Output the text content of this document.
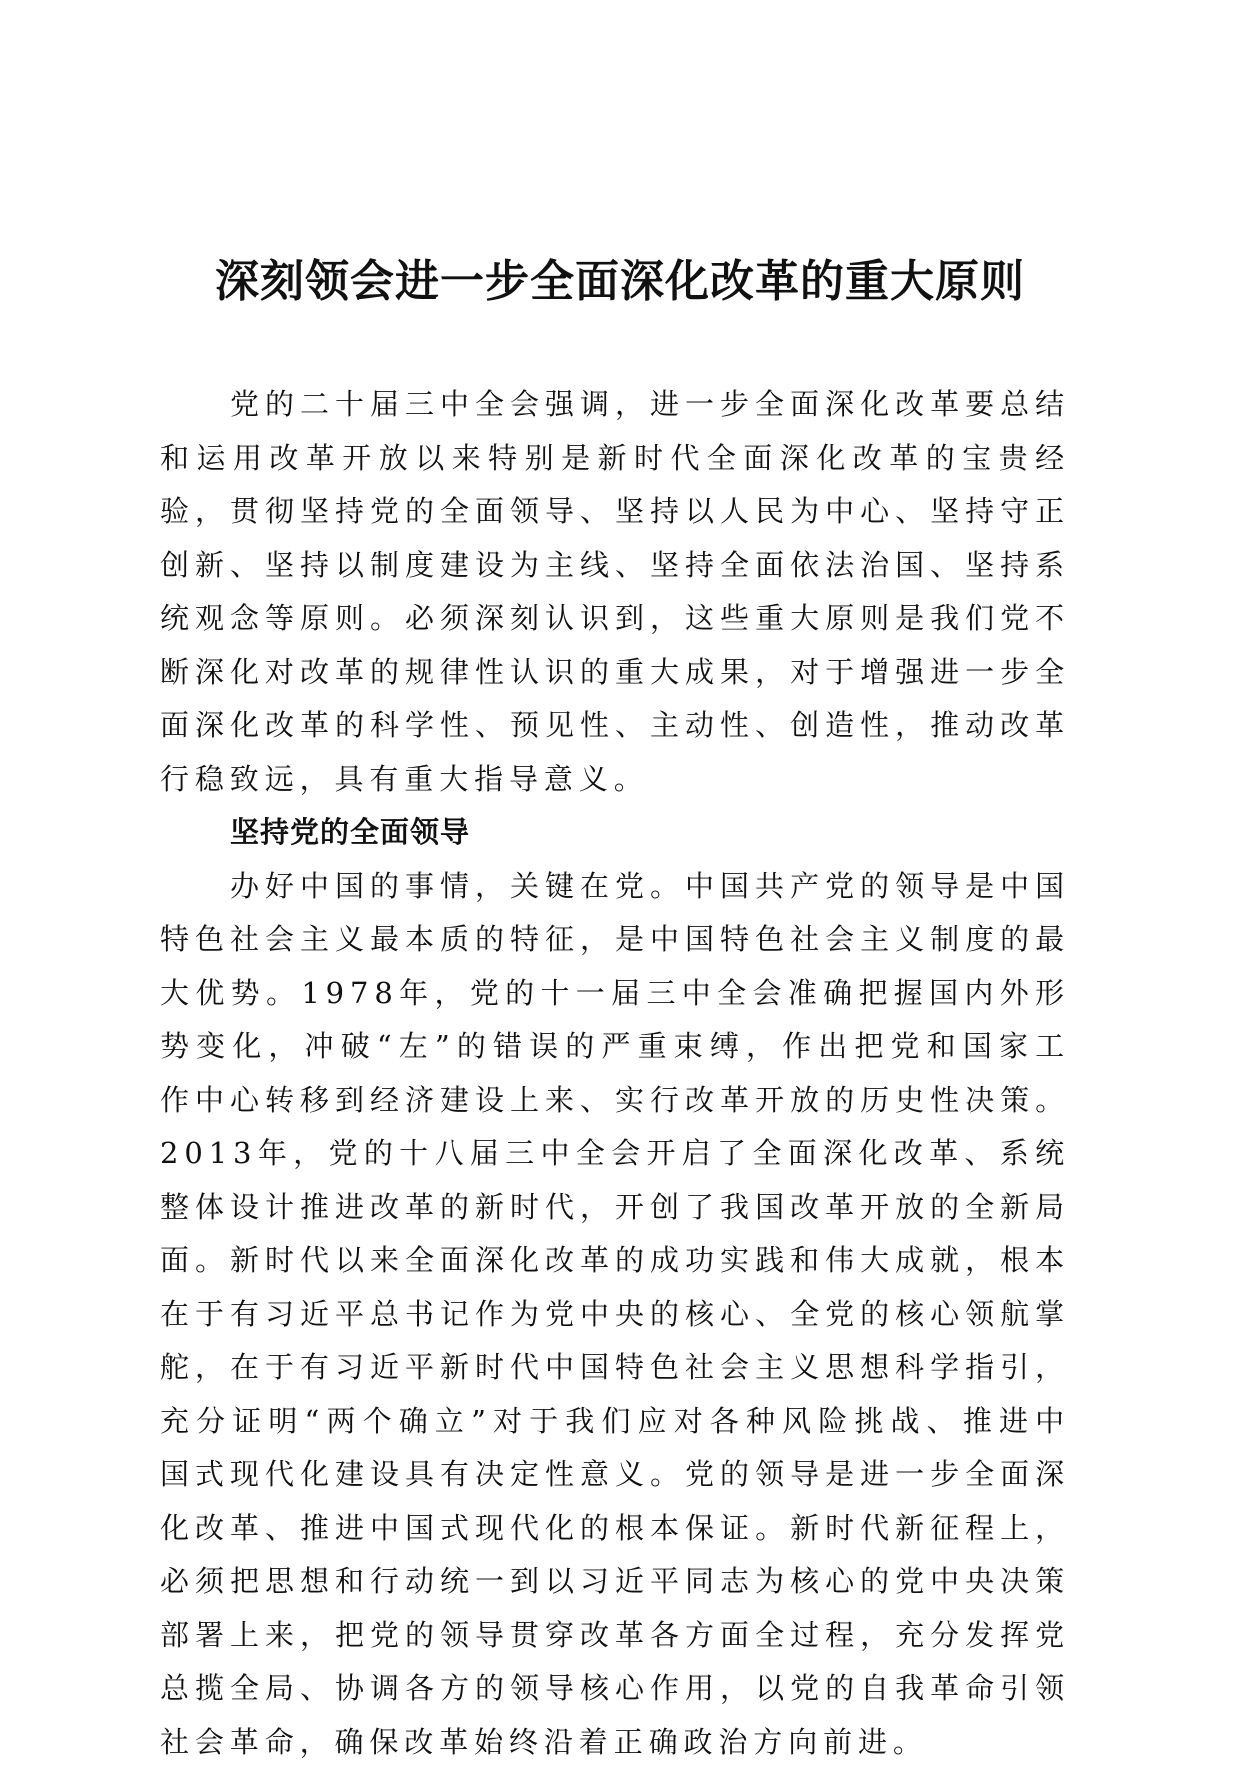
深刻领会进一步全面深化改革的重大原则

党的二十届三中全会强调，进一步全面深化改革要总结和运用改革开放以来特别是新时代全面深化改革的宝贵经验，贯彻坚持党的全面领导、坚持以人民为中心、坚持守正创新、坚持以制度建设为主线、坚持全面依法治国、坚持系统观念等原则。必须深刻认识到，这些重大原则是我们党不断深化对改革的规律性认识的重大成果，对于增强进一步全面深化改革的科学性、预见性、主动性、创造性，推动改革行稳致远，具有重大指导意义。

坚持党的全面领导

办好中国的事情，关键在党。中国共产党的领导是中国特色社会主义最本质的特征，是中国特色社会主义制度的最大优势。1978年，党的十一届三中全会准确把握国内外形势变化，冲破“左”的错误的严重束缚，作出把党和国家工作中心转移到经济建设上来、实行改革开放的历史性决策。2013年，党的十八届三中全会开启了全面深化改革、系统整体设计推进改革的新时代，开创了我国改革开放的全新局面。新时代以来全面深化改革的成功实践和伟大成就，根本在于有习近平总书记作为党中央的核心、全党的核心领航掌舵，在于有习近平新时代中国特色社会主义思想科学指引，充分证明“两个确立”对于我们应对各种风险挑战、推进中国式现代化建设具有决定性意义。党的领导是进一步全面深化改革、推进中国式现代化的根本保证。新时代新征程上，必须把思想和行动统一到以习近平同志为核心的党中央决策部署上来，把党的领导贯穿改革各方面全过程，充分发挥党总揽全局、协调各方的领导核心作用，以党的自我革命引领社会革命，确保改革始终沿着正确政治方向前进。
